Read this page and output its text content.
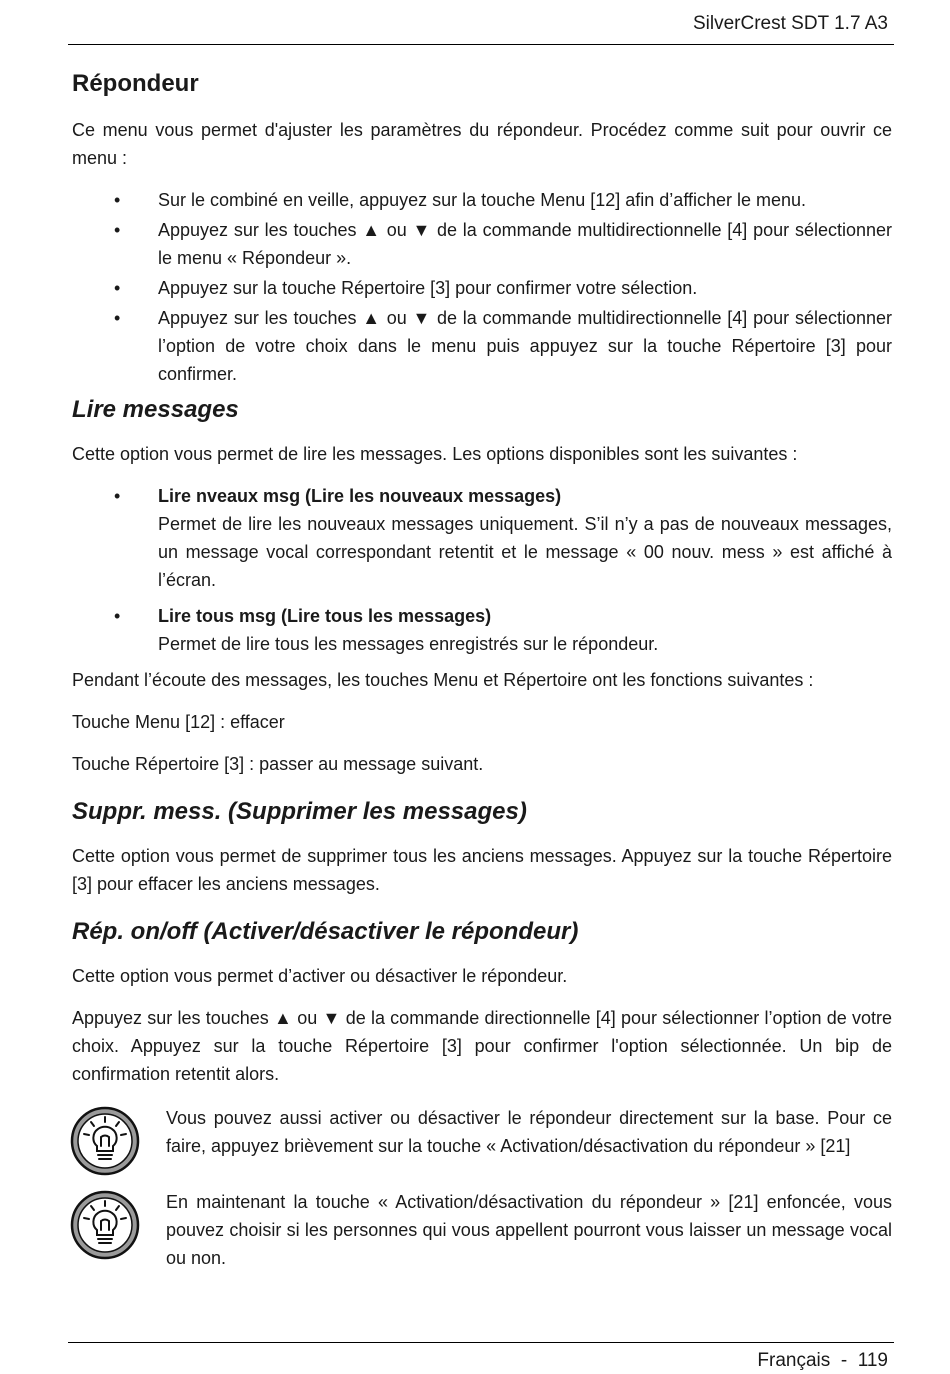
SilverCrest SDT 1.7 A3
Répondeur

Ce menu vous permet d'ajuster les paramètres du répondeur. Procédez comme suit pour ouvrir ce menu :

• Sur le combiné en veille, appuyez sur la touche Menu [12] afin d’afficher le menu.
• Appuyez sur les touches ▲ ou ▼ de la commande multidirectionnelle [4] pour sélectionner le menu « Répondeur ».
• Appuyez sur la touche Répertoire [3] pour confirmer votre sélection.
• Appuyez sur les touches ▲ ou ▼ de la commande multidirectionnelle [4] pour sélectionner l’option de votre choix dans le menu puis appuyez sur la touche Répertoire [3] pour confirmer.
Lire messages

Cette option vous permet de lire les messages. Les options disponibles sont les suivantes :

• Lire nveaux msg (Lire les nouveaux messages)
Permet de lire les nouveaux messages uniquement. S’il n’y a pas de nouveaux messages, un message vocal correspondant retentit et le message « 00 nouv. mess » est affiché à l’écran.
• Lire tous msg (Lire tous les messages)
Permet de lire tous les messages enregistrés sur le répondeur.

Pendant l’écoute des messages, les touches Menu et Répertoire ont les fonctions suivantes :

Touche Menu [12] : effacer

Touche Répertoire [3] : passer au message suivant.

Suppr. mess. (Supprimer les messages)

Cette option vous permet de supprimer tous les anciens messages. Appuyez sur la touche Répertoire [3] pour effacer les anciens messages.

Rép. on/off (Activer/désactiver le répondeur)

Cette option vous permet d’activer ou désactiver le répondeur.

Appuyez sur les touches ▲ ou ▼ de la commande directionnelle [4] pour sélectionner l’option de votre choix. Appuyez sur la touche Répertoire [3] pour confirmer l'option sélectionnée. Un bip de confirmation retentit alors.

Vous pouvez aussi activer ou désactiver le répondeur directement sur la base. Pour ce faire, appuyez brièvement sur la touche « Activation/désactivation du répondeur » [21]

En maintenant la touche « Activation/désactivation du répondeur » [21] enfoncée, vous pouvez choisir si les personnes qui vous appellent pourront vous laisser un message vocal ou non.

Français  -  119
